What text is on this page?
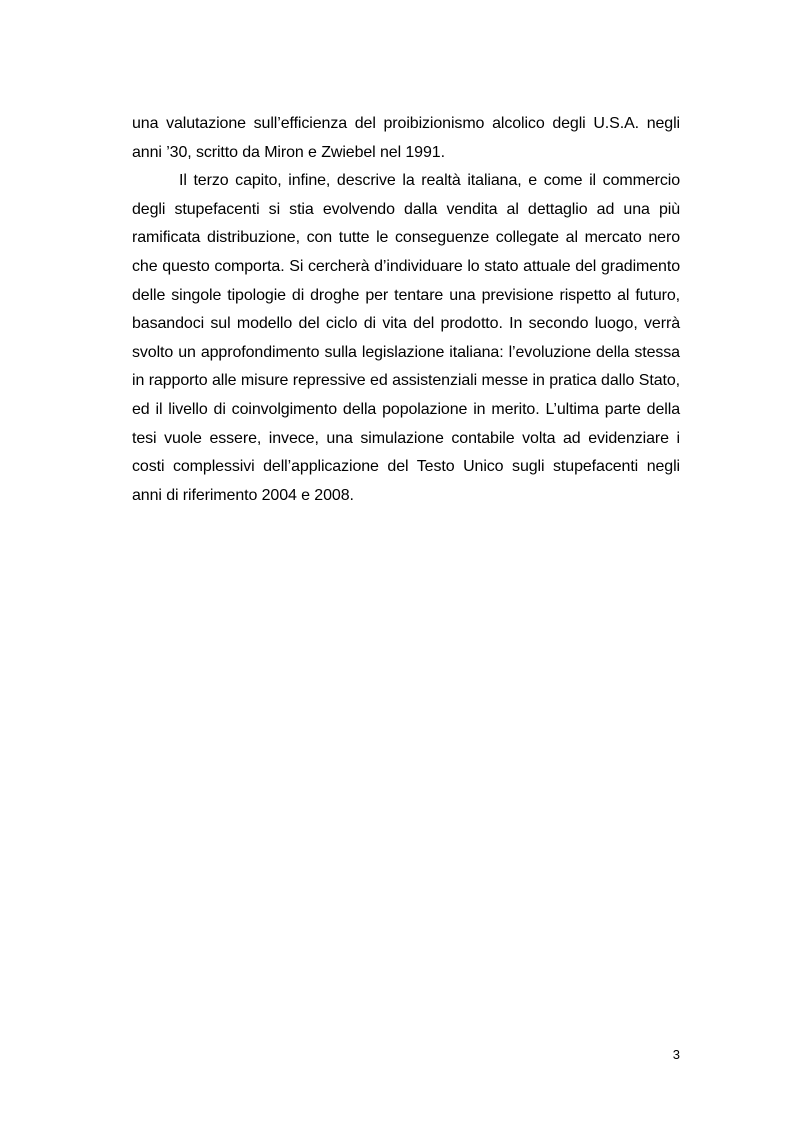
una valutazione sull’efficienza del proibizionismo alcolico degli U.S.A. negli anni ’30, scritto da Miron e Zwiebel nel 1991.

Il terzo capito, infine, descrive la realtà italiana, e come il commercio degli stupefacenti si stia evolvendo dalla vendita al dettaglio ad una più ramificata distribuzione, con tutte le conseguenze collegate al mercato nero che questo comporta. Si cercherà d’individuare lo stato attuale del gradimento delle singole tipologie di droghe per tentare una previsione rispetto al futuro, basandoci sul modello del ciclo di vita del prodotto. In secondo luogo, verrà svolto un approfondimento sulla legislazione italiana: l’evoluzione della stessa in rapporto alle misure repressive ed assistenziali messe in pratica dallo Stato, ed il livello di coinvolgimento della popolazione in merito. L’ultima parte della tesi vuole essere, invece, una simulazione contabile volta ad evidenziare i costi complessivi dell’applicazione del Testo Unico sugli stupefacenti negli anni di riferimento 2004 e 2008.

3
